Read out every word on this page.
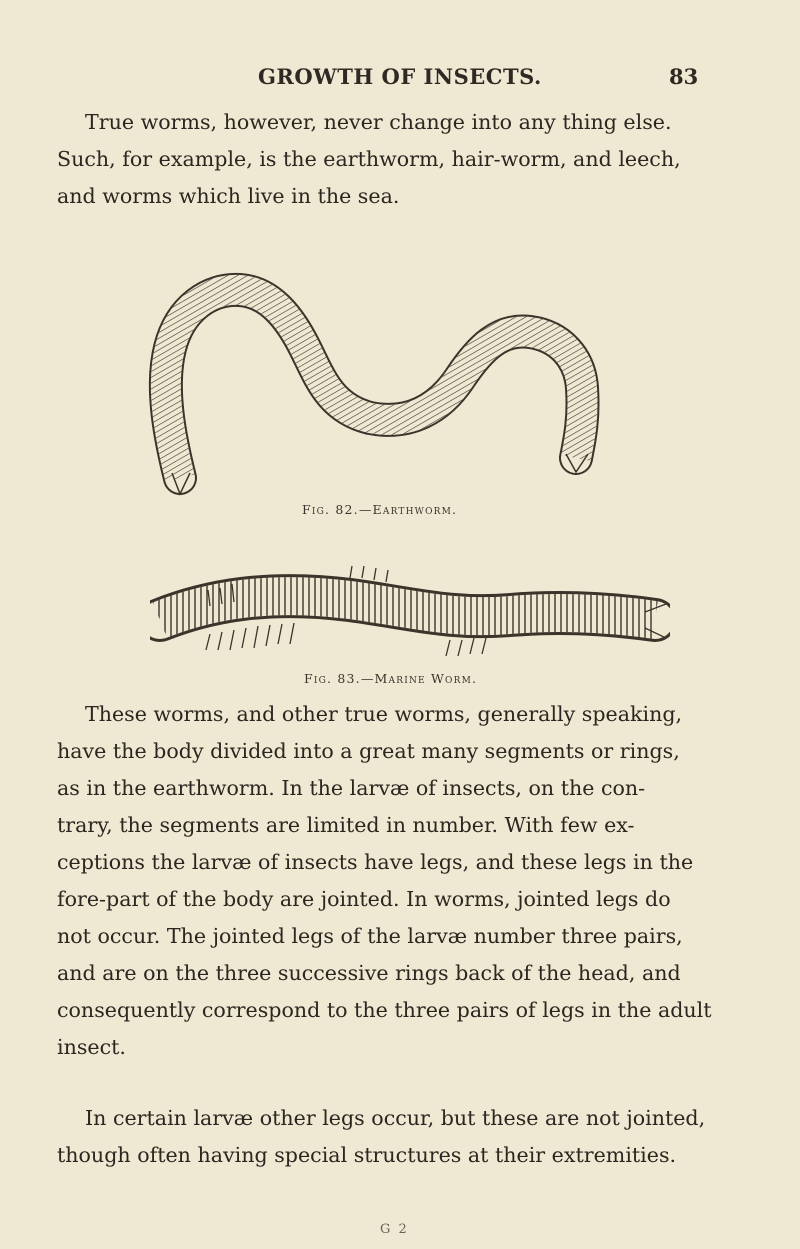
GROWTH OF INSECTS.	83
True worms, however, never change into any thing else.
Such, for example, is the earthworm, hair-worm, and leech,
and worms which live in the sea.
Fig. 82.—Earthworm.
Fig. 83.—Marine Worm.
These worms, and other true worms, generally speaking,
have the body divided into a great many segments or rings,
as in the earthworm. In the larvæ of insects, on the con-
trary, the segments are limited in number. With few ex-
ceptions the larvæ of insects have legs, and these legs in the
fore-part of the body are jointed. In worms, jointed legs do
not occur. The jointed legs of the larvæ number three pairs,
and are on the three successive rings back of the head, and
consequently correspond to the three pairs of legs in the adult
insect.
In certain larvæ other legs occur, but these are not jointed,
though often having special structures at their extremities.
G 2
